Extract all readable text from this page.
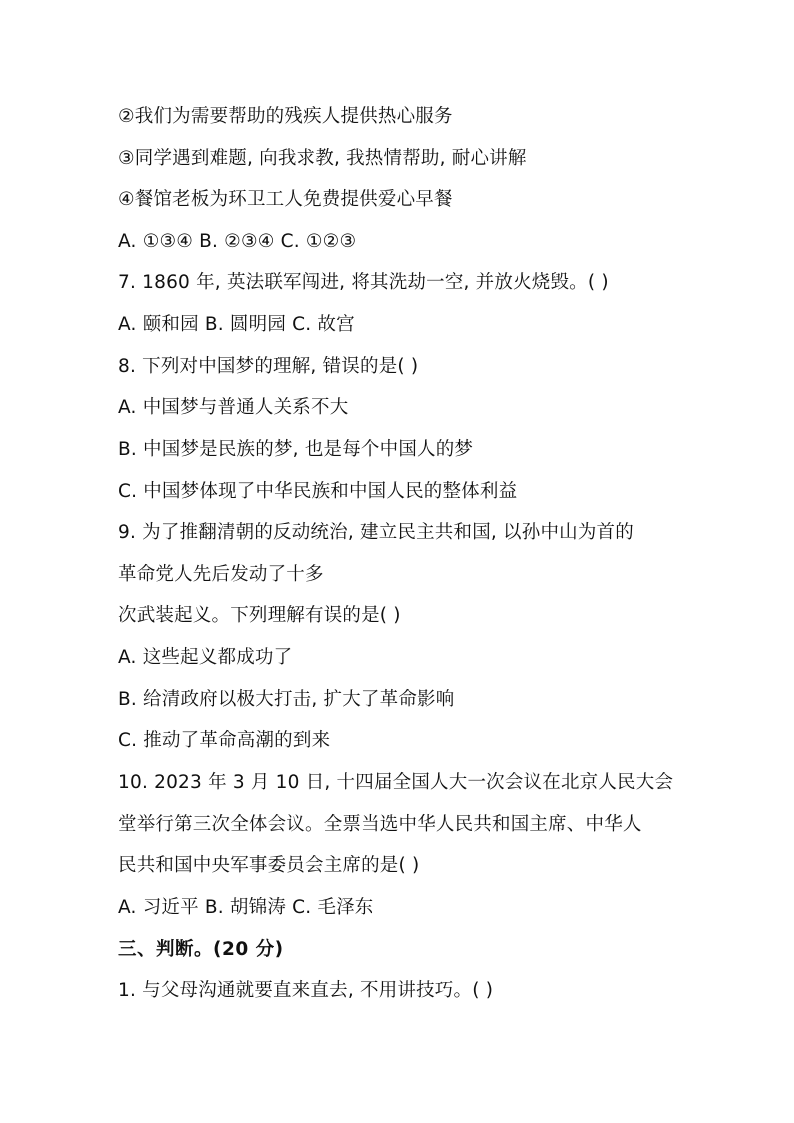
②我们为需要帮助的残疾人提供热心服务
③同学遇到难题, 向我求教, 我热情帮助, 耐心讲解
④餐馆老板为环卫工人免费提供爱心早餐
A. ①③④ B. ②③④ C. ①②③
7. 1860 年, 英法联军闯进, 将其洗劫一空, 并放火烧毁。( )
A. 颐和园 B. 圆明园 C. 故宫
8. 下列对中国梦的理解, 错误的是( )
A. 中国梦与普通人关系不大
B. 中国梦是民族的梦, 也是每个中国人的梦
C. 中国梦体现了中华民族和中国人民的整体利益
9. 为了推翻清朝的反动统治, 建立民主共和国, 以孙中山为首的
革命党人先后发动了十多
次武装起义。下列理解有误的是( )
A. 这些起义都成功了
B. 给清政府以极大打击, 扩大了革命影响
C. 推动了革命高潮的到来
10. 2023 年 3 月 10 日, 十四届全国人大一次会议在北京人民大会
堂举行第三次全体会议。全票当选中华人民共和国主席、中华人
民共和国中央军事委员会主席的是( )
A. 习近平 B. 胡锦涛 C. 毛泽东
三、判断。(20 分)
1. 与父母沟通就要直来直去, 不用讲技巧。( )
